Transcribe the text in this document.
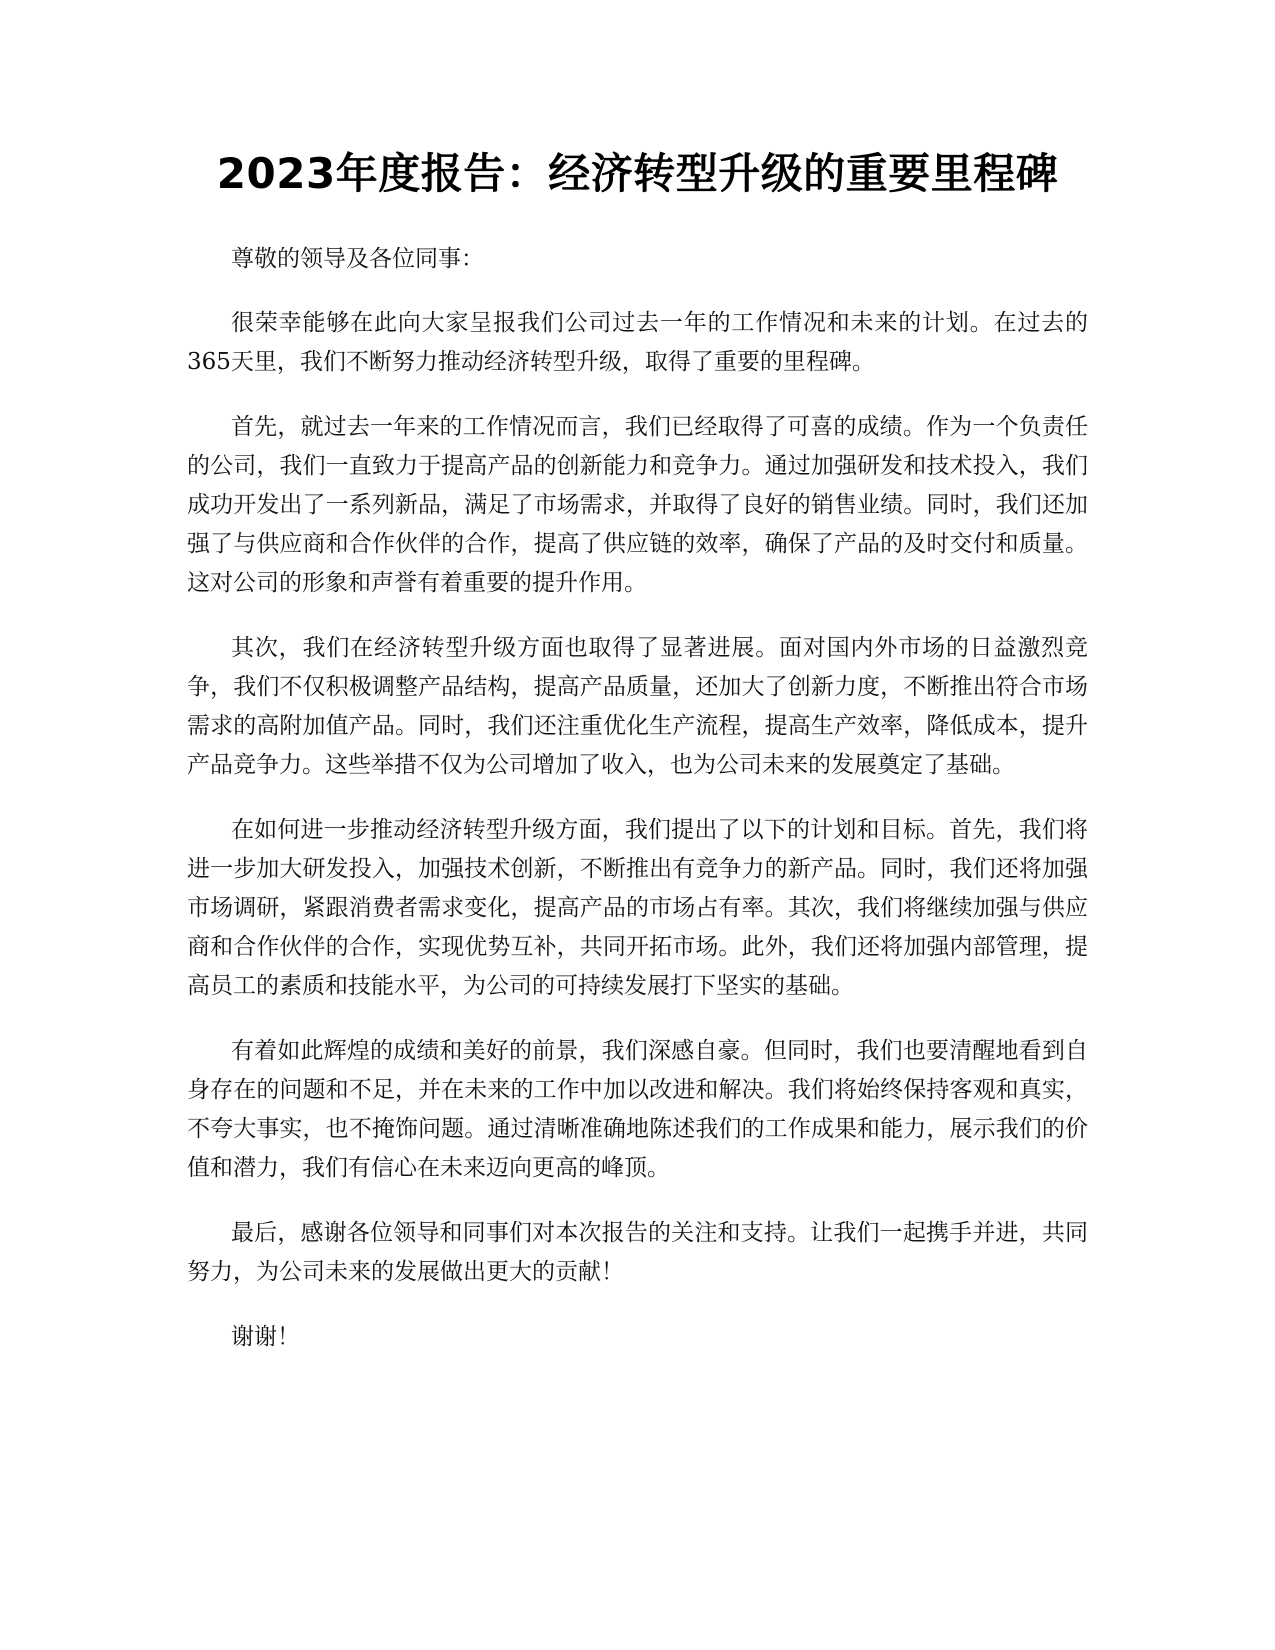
2023年度报告：经济转型升级的重要里程碑

尊敬的领导及各位同事：

很荣幸能够在此向大家呈报我们公司过去一年的工作情况和未来的计划。在过去的365天里，我们不断努力推动经济转型升级，取得了重要的里程碑。

首先，就过去一年来的工作情况而言，我们已经取得了可喜的成绩。作为一个负责任的公司，我们一直致力于提高产品的创新能力和竞争力。通过加强研发和技术投入，我们成功开发出了一系列新品，满足了市场需求，并取得了良好的销售业绩。同时，我们还加强了与供应商和合作伙伴的合作，提高了供应链的效率，确保了产品的及时交付和质量。这对公司的形象和声誉有着重要的提升作用。

其次，我们在经济转型升级方面也取得了显著进展。面对国内外市场的日益激烈竞争，我们不仅积极调整产品结构，提高产品质量，还加大了创新力度，不断推出符合市场需求的高附加值产品。同时，我们还注重优化生产流程，提高生产效率，降低成本，提升产品竞争力。这些举措不仅为公司增加了收入，也为公司未来的发展奠定了基础。

在如何进一步推动经济转型升级方面，我们提出了以下的计划和目标。首先，我们将进一步加大研发投入，加强技术创新，不断推出有竞争力的新产品。同时，我们还将加强市场调研，紧跟消费者需求变化，提高产品的市场占有率。其次，我们将继续加强与供应商和合作伙伴的合作，实现优势互补，共同开拓市场。此外，我们还将加强内部管理，提高员工的素质和技能水平，为公司的可持续发展打下坚实的基础。

有着如此辉煌的成绩和美好的前景，我们深感自豪。但同时，我们也要清醒地看到自身存在的问题和不足，并在未来的工作中加以改进和解决。我们将始终保持客观和真实，不夸大事实，也不掩饰问题。通过清晰准确地陈述我们的工作成果和能力，展示我们的价值和潜力，我们有信心在未来迈向更高的峰顶。

最后，感谢各位领导和同事们对本次报告的关注和支持。让我们一起携手并进，共同努力，为公司未来的发展做出更大的贡献！

谢谢！
